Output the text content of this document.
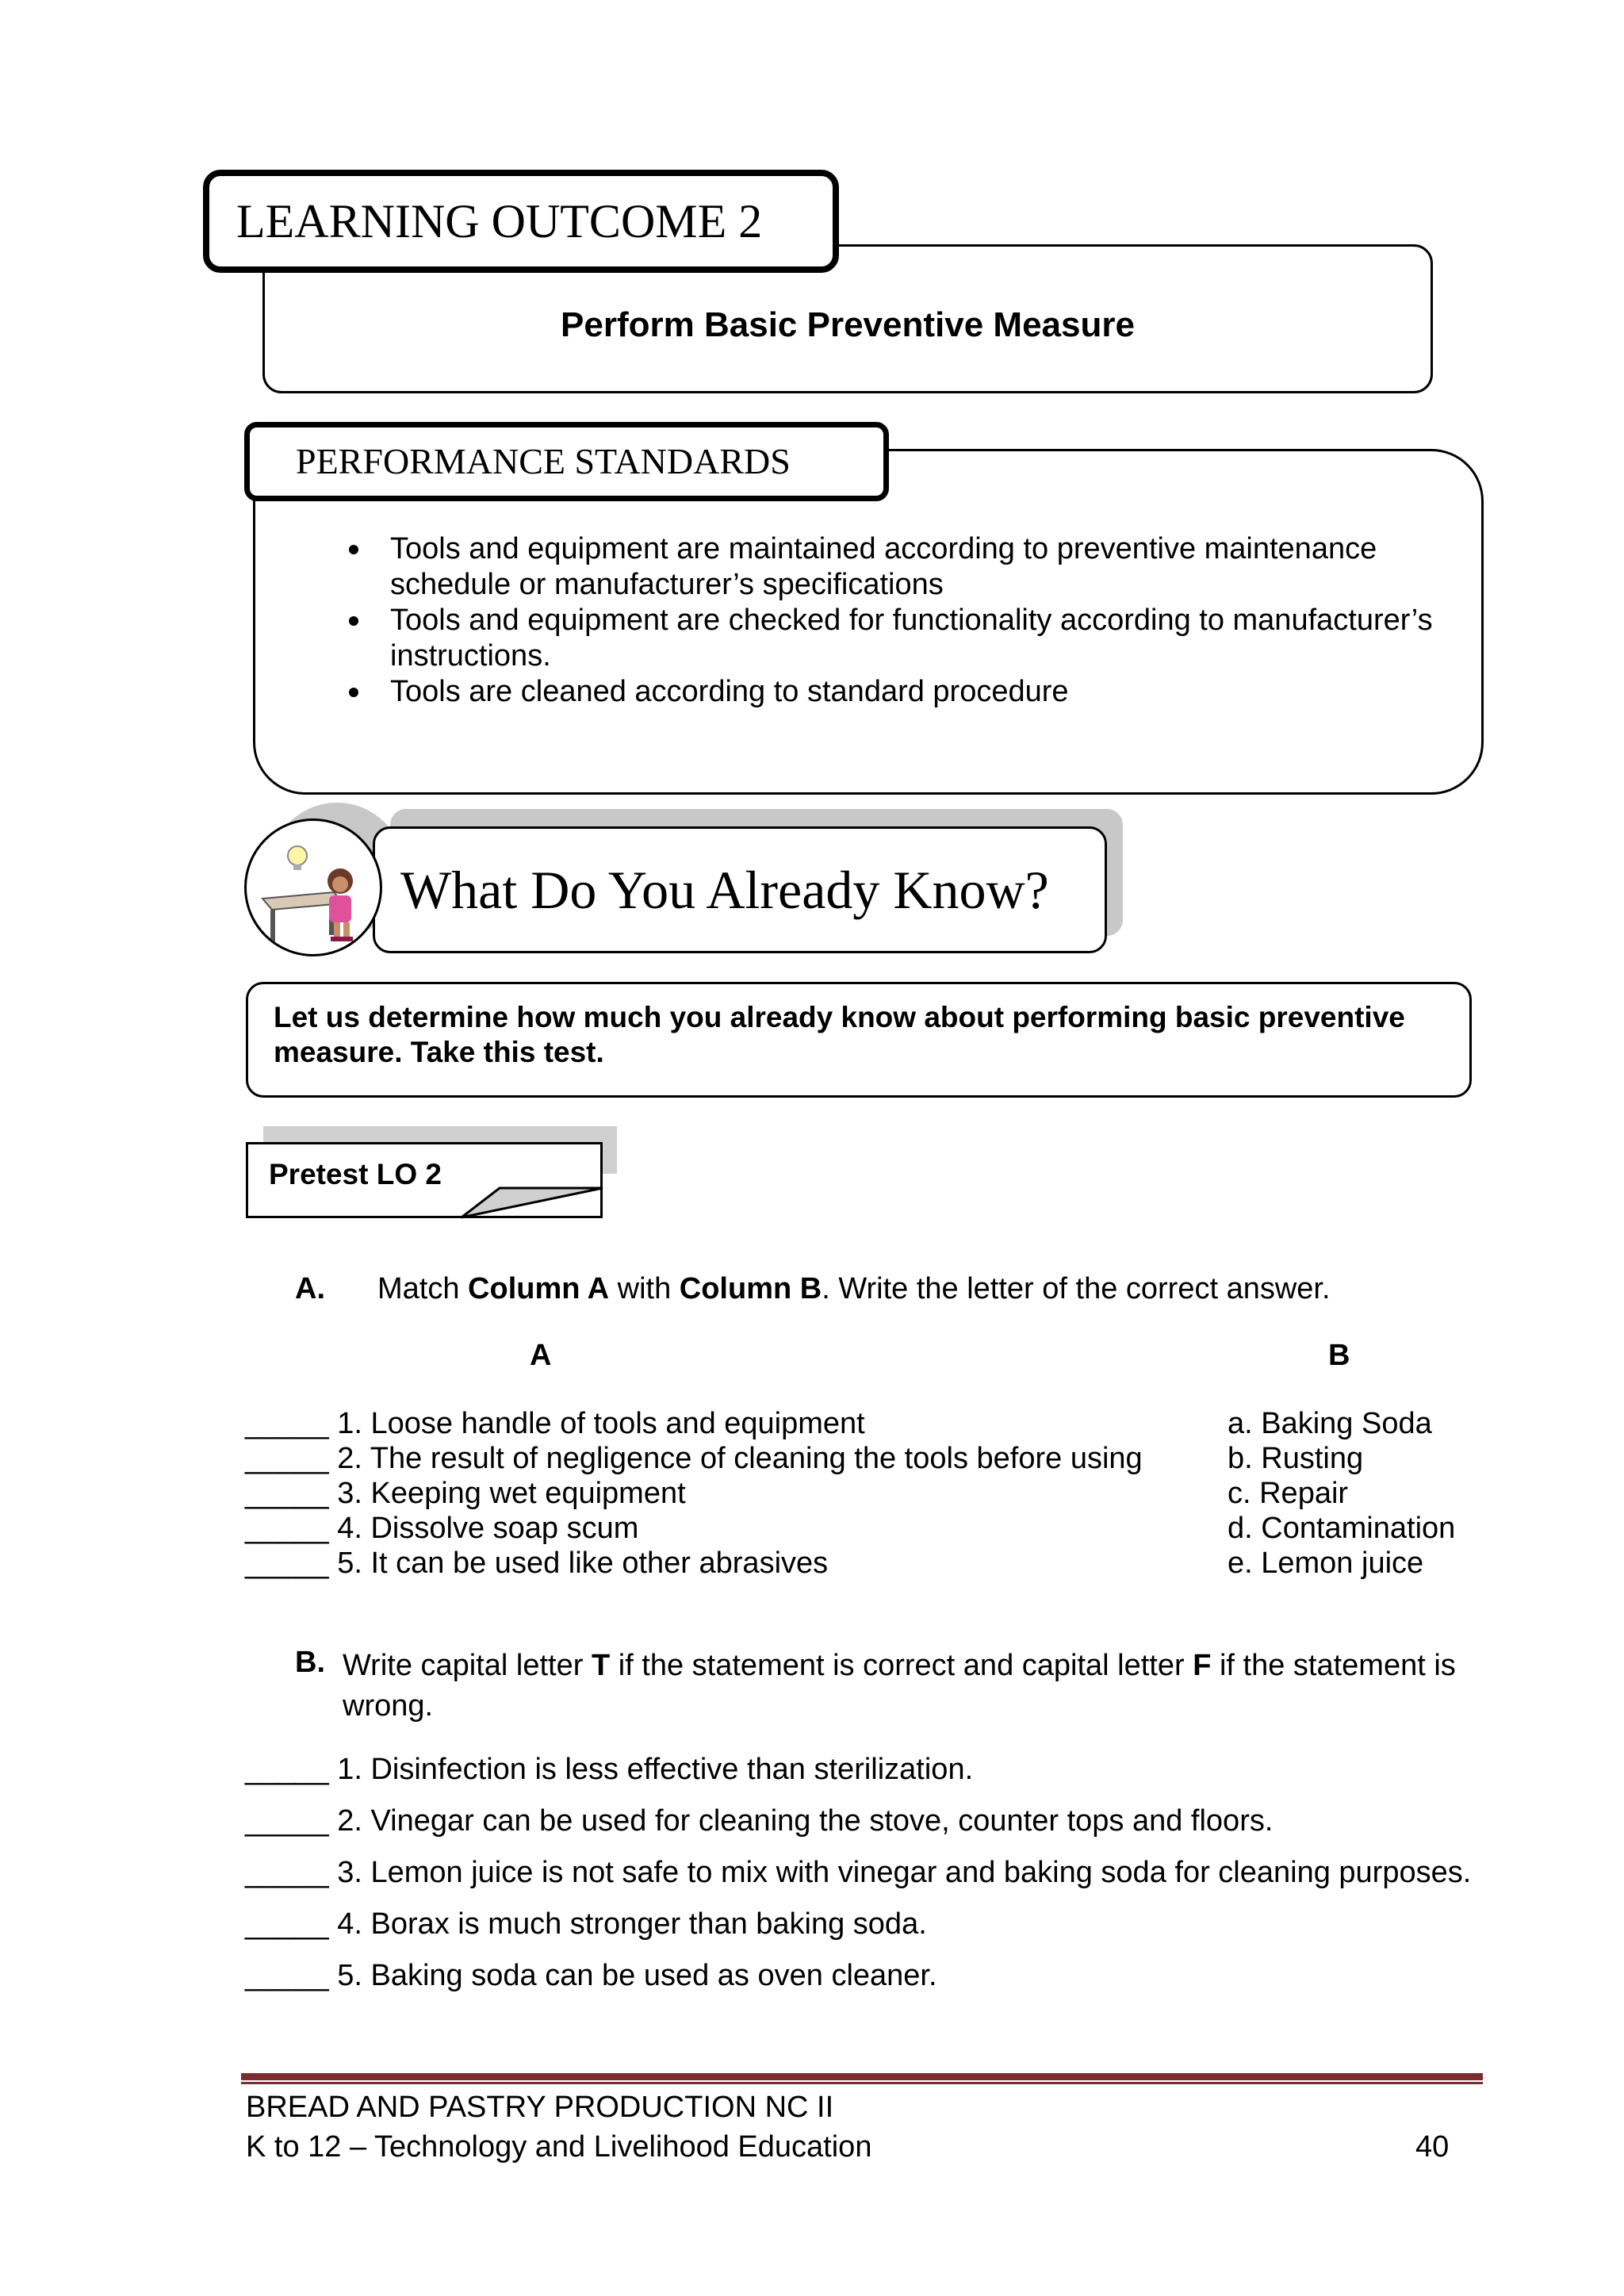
LEARNING OUTCOME 2
Perform Basic Preventive Measure
PERFORMANCE STANDARDS
Tools and equipment are maintained according to preventive maintenance schedule or manufacturer’s specifications
Tools and equipment are checked for functionality according to manufacturer’s instructions.
Tools are cleaned according to standard procedure
What Do You Already Know?
Let us determine how much you already know about performing basic preventive measure. Take this test.
Pretest LO 2
A. Match Column A with Column B. Write the letter of the correct answer.
A	B
_____ 1. Loose handle of tools and equipment
_____ 2. The result of negligence of cleaning the tools before using
_____ 3. Keeping wet equipment
_____ 4. Dissolve soap scum
_____ 5. It can be used like other abrasives
a. Baking Soda
b. Rusting
c. Repair
d. Contamination
e. Lemon juice
B. Write capital letter T if the statement is correct and capital letter F if the statement is wrong.
_____ 1. Disinfection is less effective than sterilization.
_____ 2. Vinegar can be used for cleaning the stove, counter tops and floors.
_____ 3. Lemon juice is not safe to mix with vinegar and baking soda for cleaning purposes.
_____ 4. Borax is much stronger than baking soda.
_____ 5. Baking soda can be used as oven cleaner.
BREAD AND PASTRY PRODUCTION NC II
K to 12 – Technology and Livelihood Education	40
